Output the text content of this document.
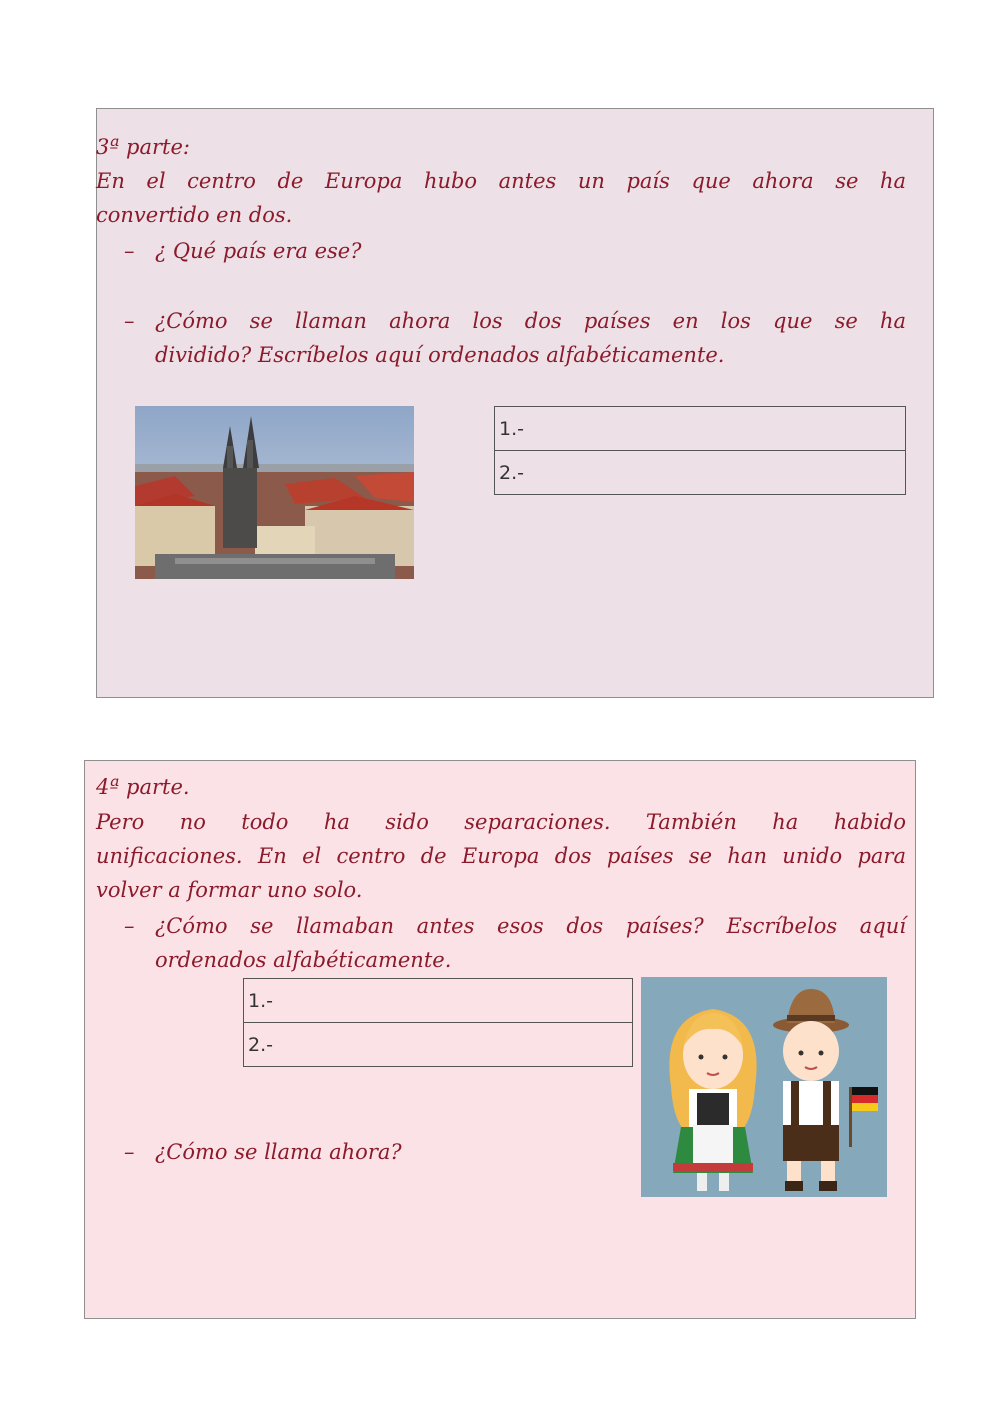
3ª parte:
En el centro de Europa hubo antes un país que ahora se ha
convertido en dos.
– ¿ Qué país era ese?
– ¿Cómo se llaman ahora los dos países en los que se ha
dividido? Escríbelos aquí ordenados alfabéticamente.
1.-
2.-
4ª parte.
Pero no todo ha sido separaciones. También ha habido
unificaciones. En el centro de Europa dos países se han unido para
volver a formar uno solo.
– ¿Cómo se llamaban antes esos dos países? Escríbelos aquí
ordenados alfabéticamente.
1.-
2.-
– ¿Cómo se llama ahora?
